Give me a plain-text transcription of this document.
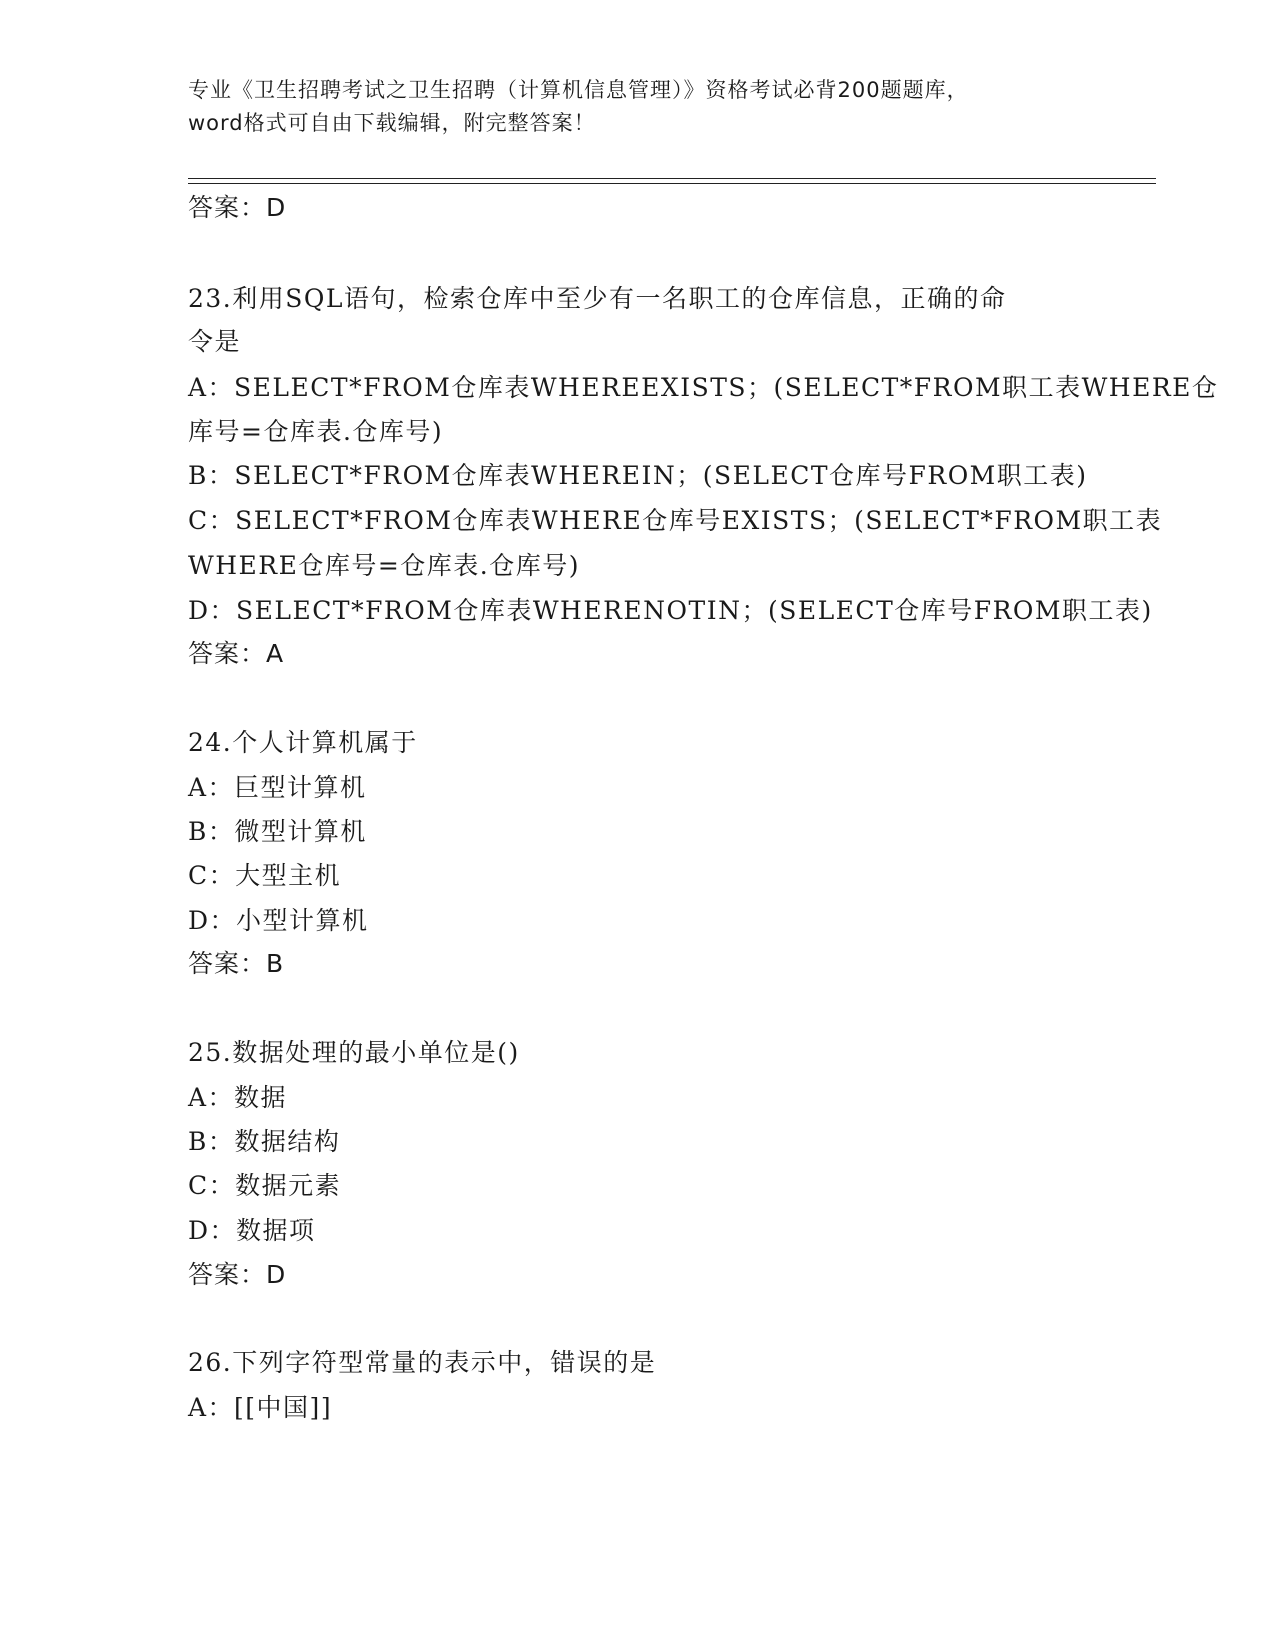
专业《卫生招聘考试之卫生招聘（计算机信息管理）》资格考试必背200题题库，

word格式可自由下载编辑，附完整答案！

答案：D
23.利用SQL语句，检索仓库中至少有一名职工的仓库信息，正确的命
令是
A：SELECT*FROM仓库表WHEREEXISTS；(SELECT*FROM职工表WHERE仓
库号=仓库表.仓库号)
B：SELECT*FROM仓库表WHEREIN；(SELECT仓库号FROM职工表)
C：SELECT*FROM仓库表WHERE仓库号EXISTS；(SELECT*FROM职工表
WHERE仓库号=仓库表.仓库号)
D：SELECT*FROM仓库表WHERENOTIN；(SELECT仓库号FROM职工表)
答案：A
24.个人计算机属于
A：巨型计算机
B：微型计算机
C：大型主机
D：小型计算机
答案：B
25.数据处理的最小单位是()
A：数据
B：数据结构
C：数据元素
D：数据项
答案：D
26.下列字符型常量的表示中，错误的是
A：[[中国]]
